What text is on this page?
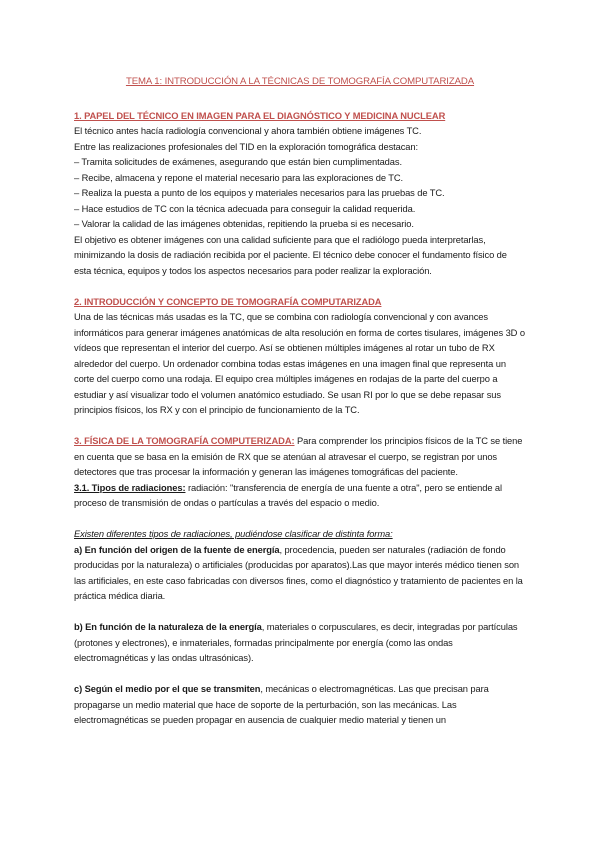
TEMA 1: INTRODUCCIÓN A LA TÉCNICAS DE TOMOGRAFÍA COMPUTARIZADA

1. PAPEL DEL TÉCNICO EN IMAGEN PARA EL DIAGNÓSTICO Y MEDICINA NUCLEAR

El técnico antes hacía radiología convencional y ahora también obtiene imágenes TC.

Entre las realizaciones profesionales del TID en la exploración tomográfica destacan:

– Tramita solicitudes de exámenes, asegurando que están bien cumplimentadas.

– Recibe, almacena y repone el material necesario para las exploraciones de TC.

– Realiza la puesta a punto de los equipos y materiales necesarios para las pruebas de TC.

– Hace estudios de TC con la técnica adecuada para conseguir la calidad requerida.

– Valorar la calidad de las imágenes obtenidas, repitiendo la prueba si es necesario.

El objetivo es obtener imágenes con una calidad suficiente para que el radiólogo pueda interpretarlas, minimizando la dosis de radiación recibida por el paciente. El técnico debe conocer el fundamento físico de esta técnica, equipos y todos los aspectos necesarios para poder realizar la exploración.

2. INTRODUCCIÓN Y CONCEPTO DE TOMOGRAFÍA COMPUTARIZADA

Una de las técnicas más usadas es la TC, que se combina con radiología convencional y con avances informáticos para generar imágenes anatómicas de alta resolución en forma de cortes tisulares, imágenes 3D o vídeos que representan el interior del cuerpo. Así se obtienen múltiples imágenes al rotar un tubo de RX alrededor del cuerpo. Un ordenador combina todas estas imágenes en una imagen final que representa un corte del cuerpo como una rodaja. El equipo crea múltiples imágenes en rodajas de la parte del cuerpo a estudiar y así visualizar todo el volumen anatómico estudiado. Se usan RI por lo que se debe repasar sus principios físicos, los RX y con el principio de funcionamiento de la TC.

3. FÍSICA DE LA TOMOGRAFÍA COMPUTERIZADA: Para comprender los principios físicos de la TC se tiene en cuenta que se basa en la emisión de RX que se atenúan al atravesar el cuerpo, se registran por unos detectores que tras procesar la información y generan las imágenes tomográficas del paciente.

3.1. Tipos de radiaciones: radiación: "transferencia de energía de una fuente a otra", pero se entiende al proceso de transmisión de ondas o partículas a través del espacio o medio.

Existen diferentes tipos de radiaciones, pudiéndose clasificar de distinta forma:

a) En función del origen de la fuente de energía, procedencia, pueden ser naturales (radiación de fondo producidas por la naturaleza) o artificiales (producidas por aparatos).Las que mayor interés médico tienen son las artificiales, en este caso fabricadas con diversos fines, como el diagnóstico y tratamiento de pacientes en la práctica médica diaria.

b) En función de la naturaleza de la energía, materiales o corpusculares, es decir, integradas por partículas (protones y electrones), e inmateriales, formadas principalmente por energía (como las ondas electromagnéticas y las ondas ultrasónicas).

c) Según el medio por el que se transmiten, mecánicas o electromagnéticas. Las que precisan para propagarse un medio material que hace de soporte de la perturbación, son las mecánicas. Las electromagnéticas se pueden propagar en ausencia de cualquier medio material y tienen un
